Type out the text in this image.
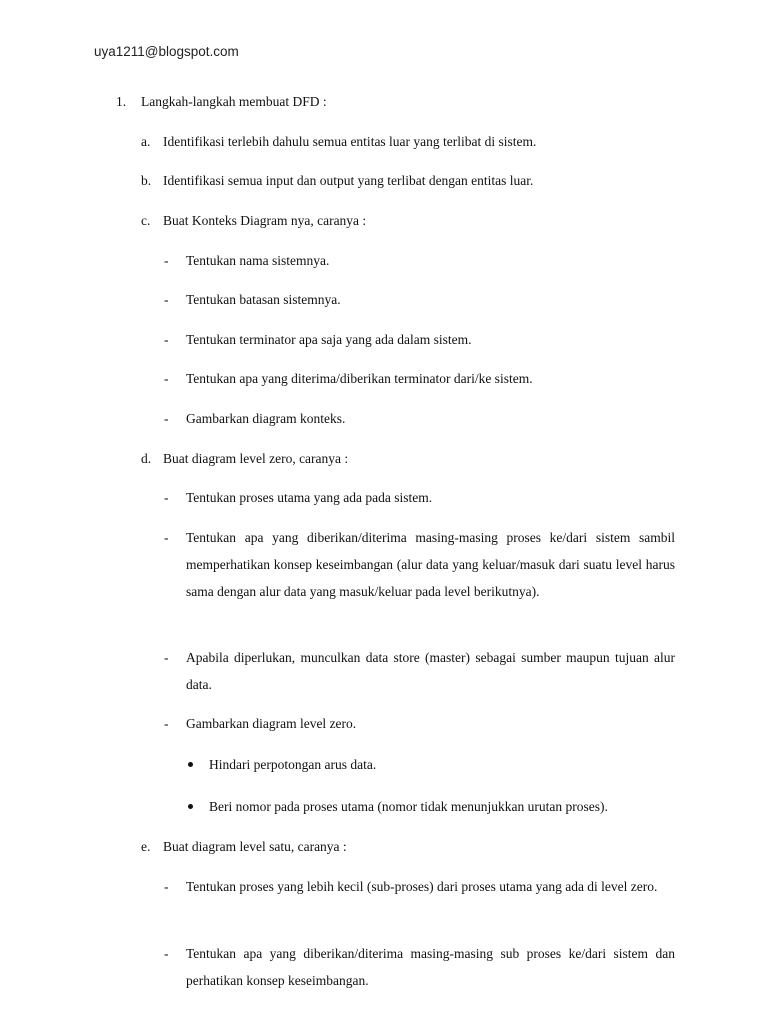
uya1211@blogspot.com
1. Langkah-langkah membuat DFD :
a. Identifikasi terlebih dahulu semua entitas luar yang terlibat di sistem.
b. Identifikasi semua input dan output yang terlibat dengan entitas luar.
c. Buat Konteks Diagram nya, caranya :
- Tentukan nama sistemnya.
- Tentukan batasan sistemnya.
- Tentukan terminator apa saja yang ada dalam sistem.
- Tentukan apa yang diterima/diberikan terminator dari/ke sistem.
- Gambarkan diagram konteks.
d. Buat diagram level zero, caranya :
- Tentukan proses utama yang ada pada sistem.
- Tentukan apa yang diberikan/diterima masing-masing proses ke/dari sistem sambil memperhatikan konsep keseimbangan (alur data yang keluar/masuk dari suatu level harus sama dengan alur data yang masuk/keluar pada level berikutnya).
- Apabila diperlukan, munculkan data store (master) sebagai sumber maupun tujuan alur data.
- Gambarkan diagram level zero.
Hindari perpotongan arus data.
Beri nomor pada proses utama (nomor tidak menunjukkan urutan proses).
e. Buat diagram level satu, caranya :
- Tentukan proses yang lebih kecil (sub-proses) dari proses utama yang ada di level zero.
- Tentukan apa yang diberikan/diterima masing-masing sub proses ke/dari sistem dan perhatikan konsep keseimbangan.
